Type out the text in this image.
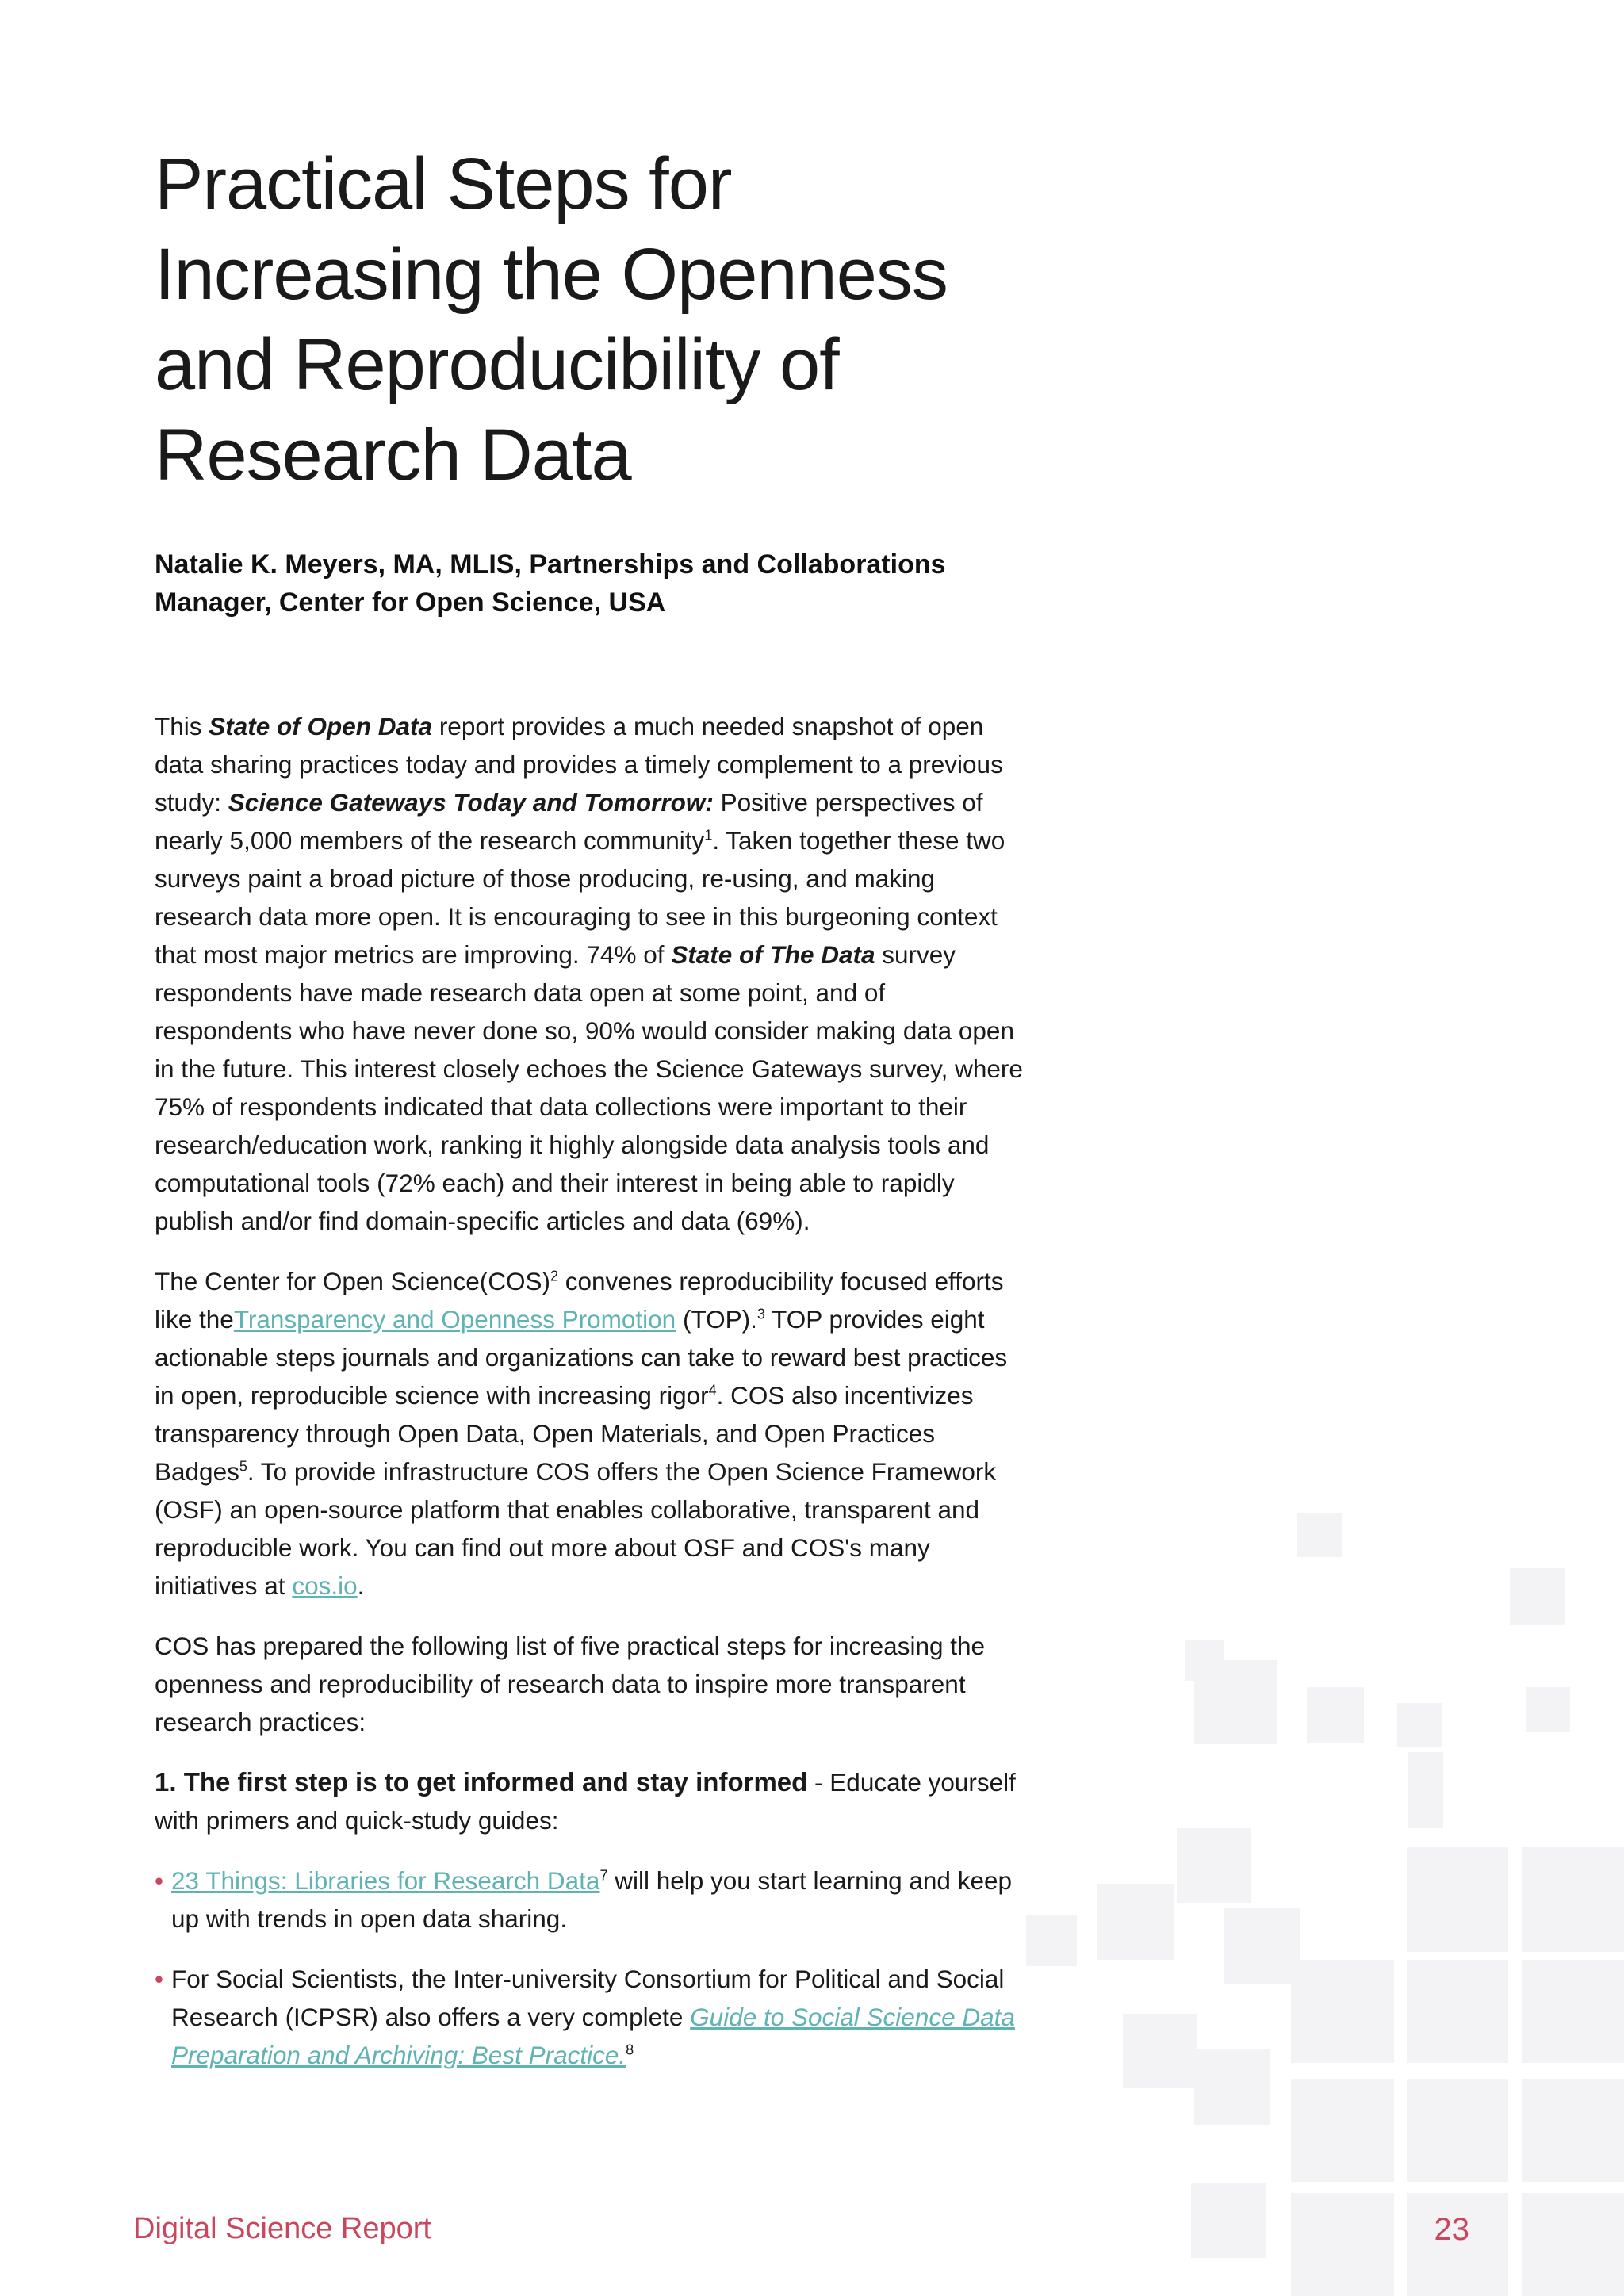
Practical Steps for
Increasing the Openness
and Reproducibility of
Research Data
Natalie K. Meyers, MA, MLIS, Partnerships and Collaborations
Manager, Center for Open Science, USA

This State of Open Data report provides a much needed snapshot of open data sharing practices today and provides a timely complement to a previous study: Science Gateways Today and Tomorrow: Positive perspectives of nearly 5,000 members of the research community$^1$. Taken together these two surveys paint a broad picture of those producing, re-using, and making research data more open. It is encouraging to see in this burgeoning context that most major metrics are improving. 74% of State of The Data survey respondents have made research data open at some point, and of respondents who have never done so, 90% would consider making data open in the future. This interest closely echoes the Science Gateways survey, where 75% of respondents indicated that data collections were important to their research/education work, ranking it highly alongside data analysis tools and computational tools (72% each) and their interest in being able to rapidly publish and/or find domain-specific articles and data (69%).

The Center for Open Science(COS)$^2$ convenes reproducibility focused efforts like theTransparency and Openness Promotion (TOP).$^3$ TOP provides eight actionable steps journals and organizations can take to reward best practices in open, reproducible science with increasing rigor$^4$. COS also incentivizes transparency through Open Data, Open Materials, and Open Practices Badges$^5$. To provide infrastructure COS offers the Open Science Framework (OSF) an open-source platform that enables collaborative, transparent and reproducible work. You can find out more about OSF and COS's many initiatives at cos.io.

COS has prepared the following list of five practical steps for increasing the openness and reproducibility of research data to inspire more transparent research practices:

1. The first step is to get informed and stay informed - Educate yourself with primers and quick-study guides:

• 23 Things: Libraries for Research Data$^7$ will help you start learning and keep up with trends in open data sharing.
• For Social Scientists, the Inter-university Consortium for Political and Social Research (ICPSR) also offers a very complete Guide to Social Science Data Preparation and Archiving: Best Practice.$^8$
Digital Science Report	23
